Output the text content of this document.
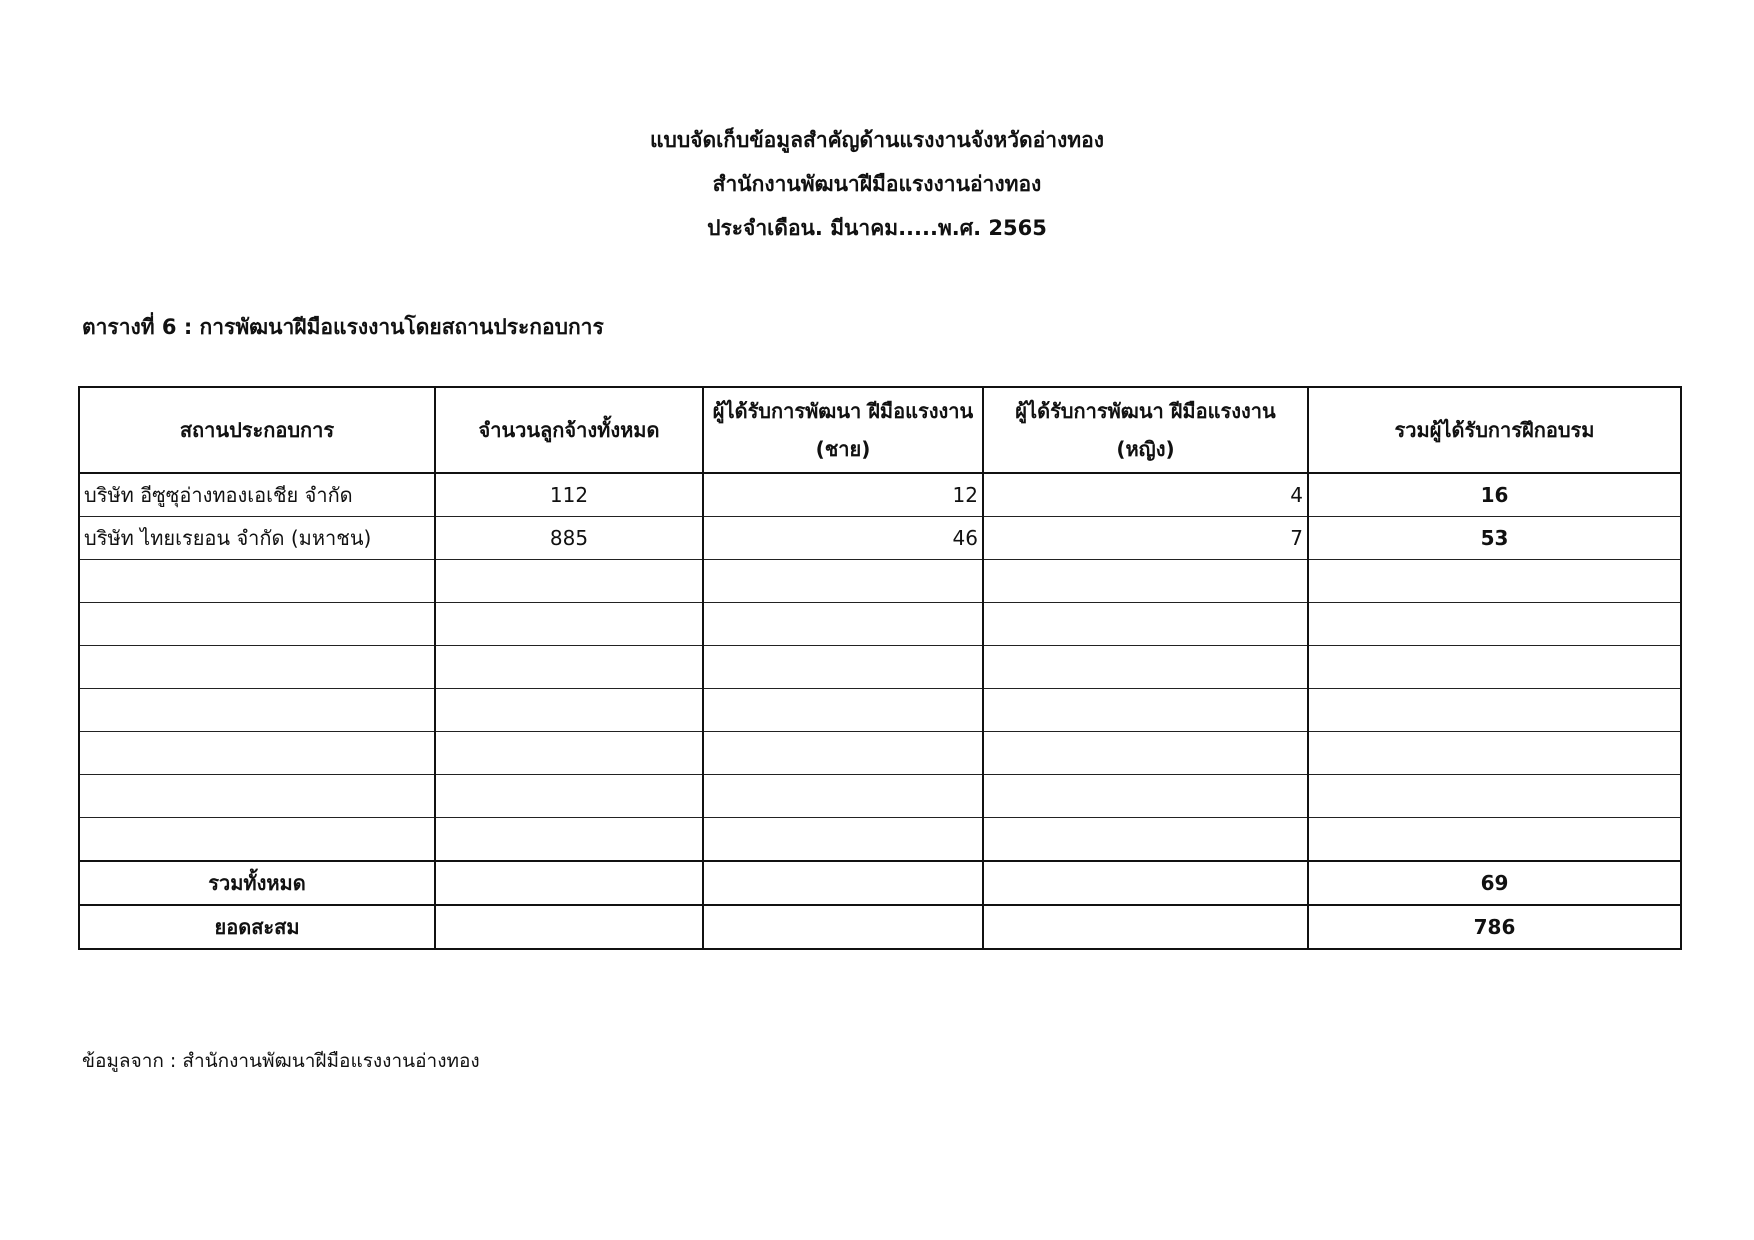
แบบจัดเก็บข้อมูลสำคัญด้านแรงงานจังหวัดอ่างทอง
สำนักงานพัฒนาฝีมือแรงงานอ่างทอง
ประจำเดือน. มีนาคม.....พ.ศ. 2565
ตารางที่ 6 : การพัฒนาฝีมือแรงงานโดยสถานประกอบการ
สถานประกอบการ	จำนวนลูกจ้างทั้งหมด	ผู้ได้รับการพัฒนา ฝีมือแรงงาน (ชาย)	ผู้ได้รับการพัฒนา ฝีมือแรงงาน (หญิง)	รวมผู้ได้รับการฝึกอบรม
บริษัท อีซูซุอ่างทองเอเชีย จำกัด	112	12	4	16
บริษัท ไทยเรยอน จำกัด (มหาชน)	885	46	7	53

รวมทั้งหมด				69
ยอดสะสม				786
ข้อมูลจาก : สำนักงานพัฒนาฝีมือแรงงานอ่างทอง
